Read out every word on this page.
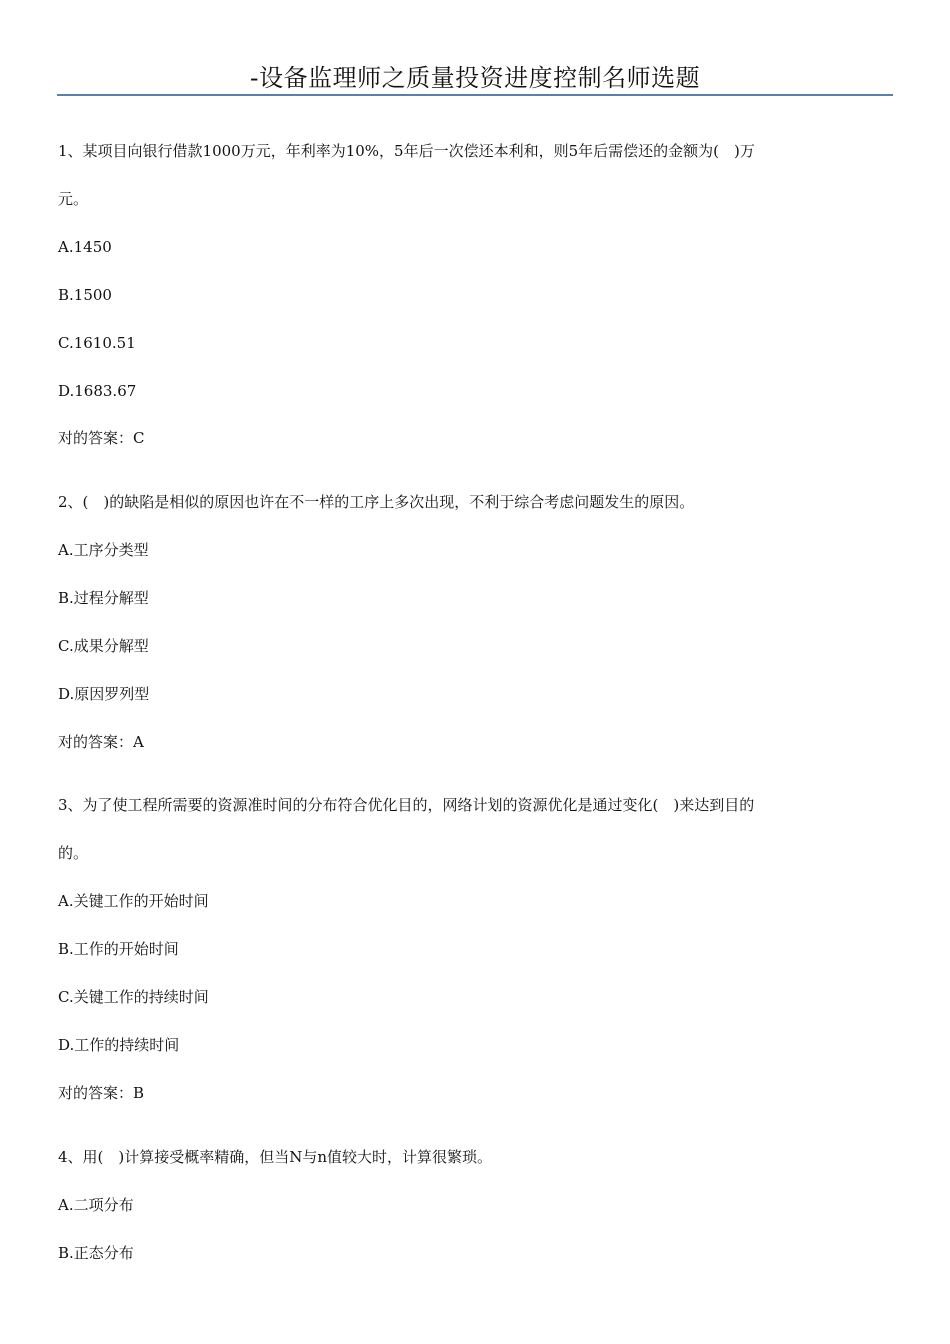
-设备监理师之质量投资进度控制名师选题
1、某项目向银行借款1000万元，年利率为10%，5年后一次偿还本利和，则5年后需偿还的金额为(　)万
元。
A.1450
B.1500
C.1610.51
D.1683.67
对的答案：C
2、(　)的缺陷是相似的原因也许在不一样的工序上多次出现，不利于综合考虑问题发生的原因。
A.工序分类型
B.过程分解型
C.成果分解型
D.原因罗列型
对的答案：A
3、为了使工程所需要的资源准时间的分布符合优化目的，网络计划的资源优化是通过变化(　)来达到目的
的。
A.关键工作的开始时间
B.工作的开始时间
C.关键工作的持续时间
D.工作的持续时间
对的答案：B
4、用(　)计算接受概率精确，但当N与n值较大时，计算很繁琐。
A.二项分布
B.正态分布
